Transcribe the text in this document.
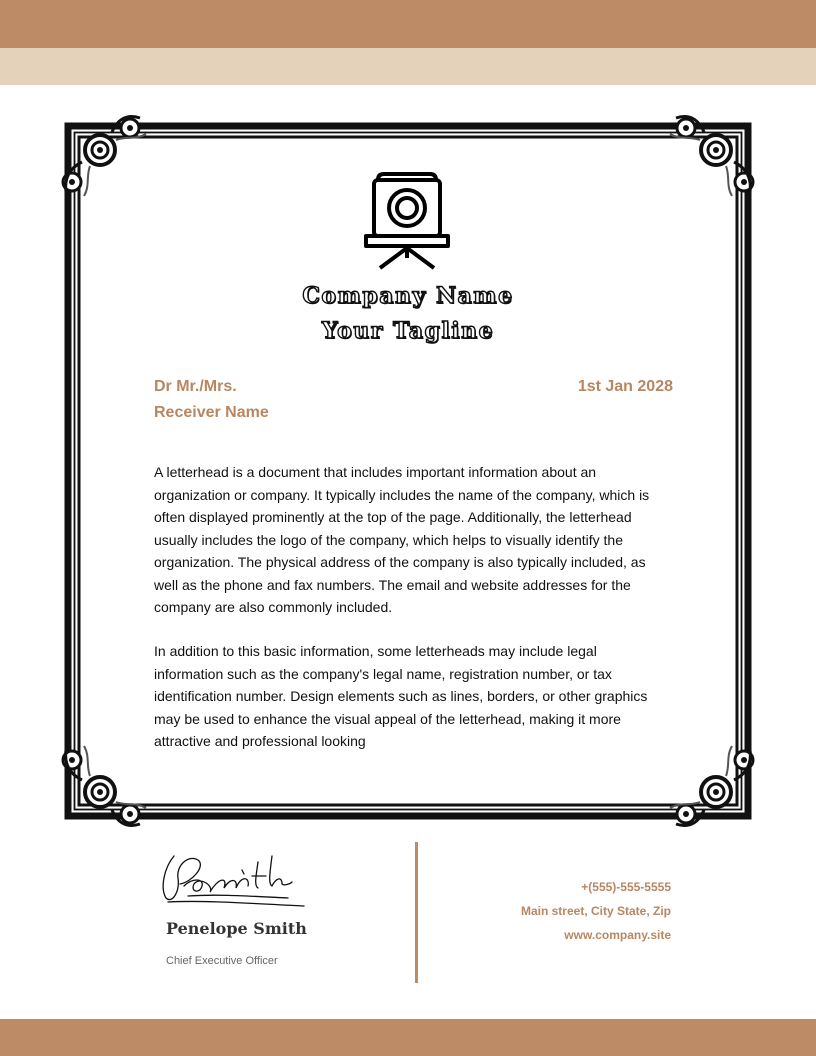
Company Name
Your Tagline
Dr Mr./Mrs.
Receiver Name
1st Jan 2028

A letterhead is a document that includes important information about an organization or company. It typically includes the name of the company, which is often displayed prominently at the top of the page. Additionally, the letterhead usually includes the logo of the company, which helps to visually identify the organization. The physical address of the company is also typically included, as well as the phone and fax numbers. The email and website addresses for the company are also commonly included.

In addition to this basic information, some letterheads may include legal information such as the company's legal name, registration number, or tax identification number. Design elements such as lines, borders, or other graphics may be used to enhance the visual appeal of the letterhead, making it more attractive and professional looking

Penelope Smith
Chief Executive Officer
+(555)-555-5555
Main street, City State, Zip
www.company.site
